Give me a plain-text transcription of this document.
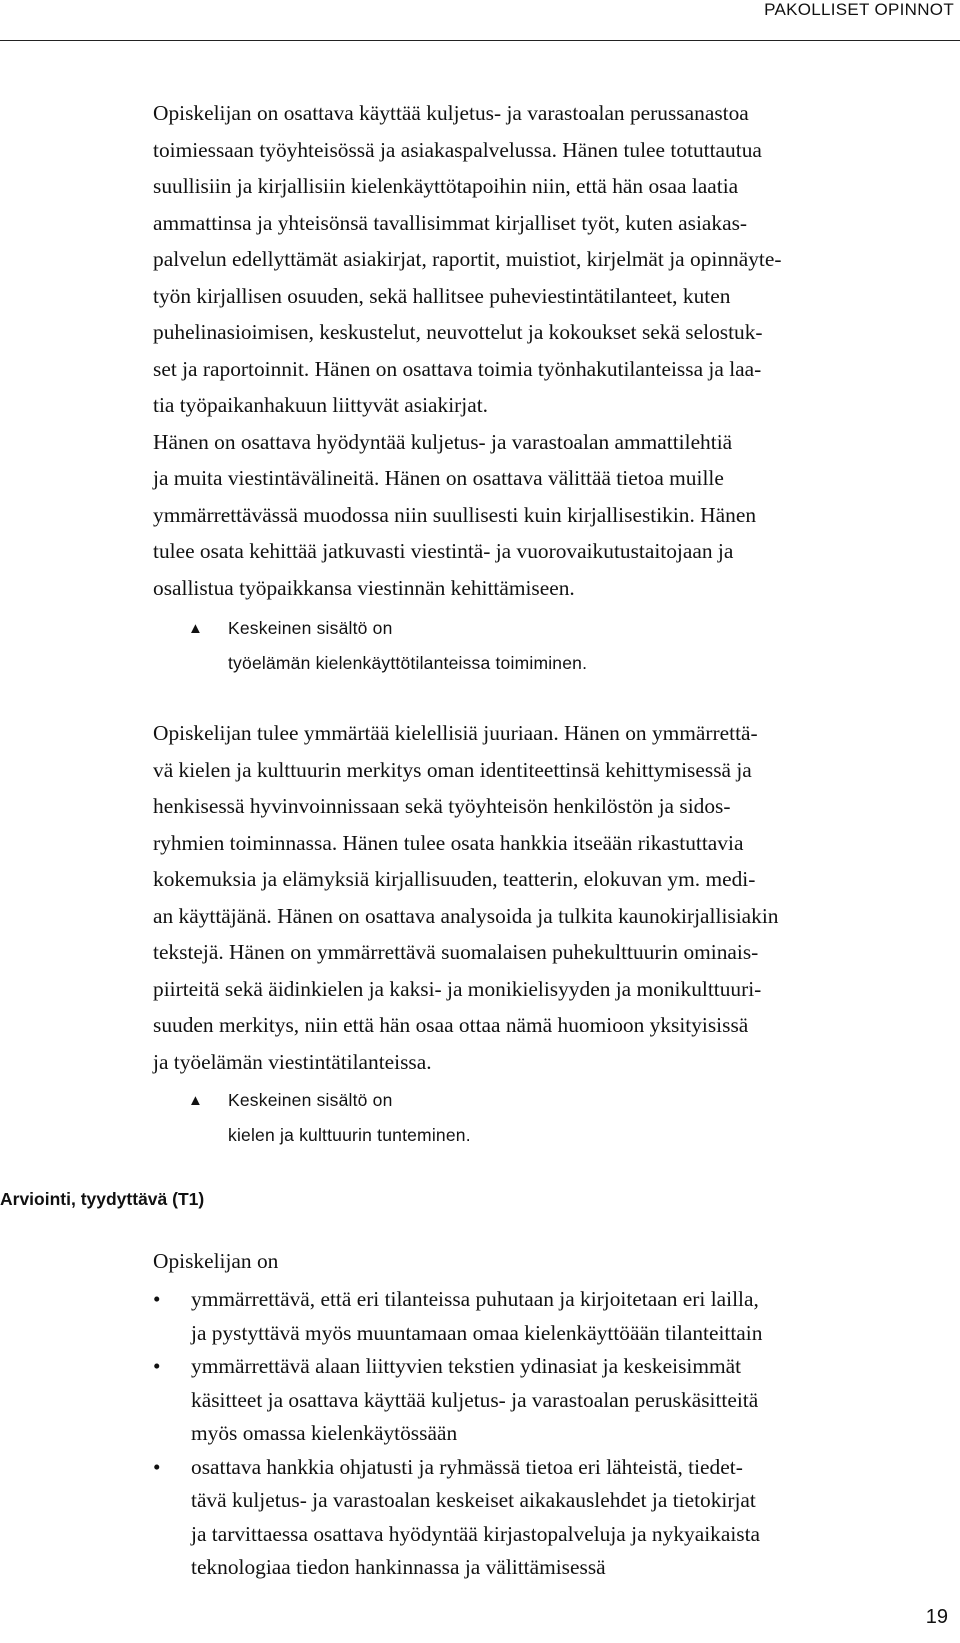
PAKOLLISET OPINNOT

Opiskelijan on osattava käyttää kuljetus- ja varastoalan perussanastoa
toimiessaan työyhteisössä ja asiakaspalvelussa. Hänen tulee totuttautua
suullisiin ja kirjallisiin kielenkäyttötapoihin niin, että hän osaa laatia
ammattinsa ja yhteisönsä tavallisimmat kirjalliset työt, kuten asiakas-
palvelun edellyttämät asiakirjat, raportit, muistiot, kirjelmät ja opinnäyte-
työn kirjallisen osuuden, sekä hallitsee puheviestintätilanteet, kuten
puhelinasioimisen, keskustelut, neuvottelut ja kokoukset sekä selostuk-
set ja raportoinnit. Hänen on osattava toimia työnhakutilanteissa ja laa-
tia työpaikanhakuun liittyvät asiakirjat.
Hänen on osattava hyödyntää kuljetus- ja varastoalan ammattilehtiä
ja muita viestintävälineitä. Hänen on osattava välittää tietoa muille
ymmärrettävässä muodossa niin suullisesti kuin kirjallisestikin. Hänen
tulee osata kehittää jatkuvasti viestintä- ja vuorovaikutustaitojaan ja
osallistua työpaikkansa viestinnän kehittämiseen.

▲ Keskeinen sisältö on
työelämän kielenkäyttötilanteissa toimiminen.

Opiskelijan tulee ymmärtää kielellisiä juuriaan. Hänen on ymmärrettä-
vä kielen ja kulttuurin merkitys oman identiteettinsä kehittymisessä ja
henkisessä hyvinvoinnissaan sekä työyhteisön henkilöstön ja sidos-
ryhmien toiminnassa. Hänen tulee osata hankkia itseään rikastuttavia
kokemuksia ja elämyksiä kirjallisuuden, teatterin, elokuvan ym. medi-
an käyttäjänä. Hänen on osattava analysoida ja tulkita kaunokirjallisiakin
tekstejä. Hänen on ymmärrettävä suomalaisen puhekulttuurin ominais-
piirteitä sekä äidinkielen ja kaksi- ja monikielisyyden ja monikulttuuri-
suuden merkitys, niin että hän osaa ottaa nämä huomioon yksityisissä
ja työelämän viestintätilanteissa.

▲ Keskeinen sisältö on
kielen ja kulttuurin tunteminen.
Arviointi, tyydyttävä (T1)

Opiskelijan on

• ymmärrettävä, että eri tilanteissa puhutaan ja kirjoitetaan eri lailla,
ja pystyttävä myös muuntamaan omaa kielenkäyttöään tilanteittain
• ymmärrettävä alaan liittyvien tekstien ydinasiat ja keskeisimmät
käsitteet ja osattava käyttää kuljetus- ja varastoalan peruskäsitteitä
myös omassa kielenkäytössään
• osattava hankkia ohjatusti ja ryhmässä tietoa eri lähteistä, tiedet-
tävä kuljetus- ja varastoalan keskeiset aikakauslehdet ja tietokirjat
ja tarvittaessa osattava hyödyntää kirjastopalveluja ja nykyaikaista
teknologiaa tiedon hankinnassa ja välittämisessä
19
